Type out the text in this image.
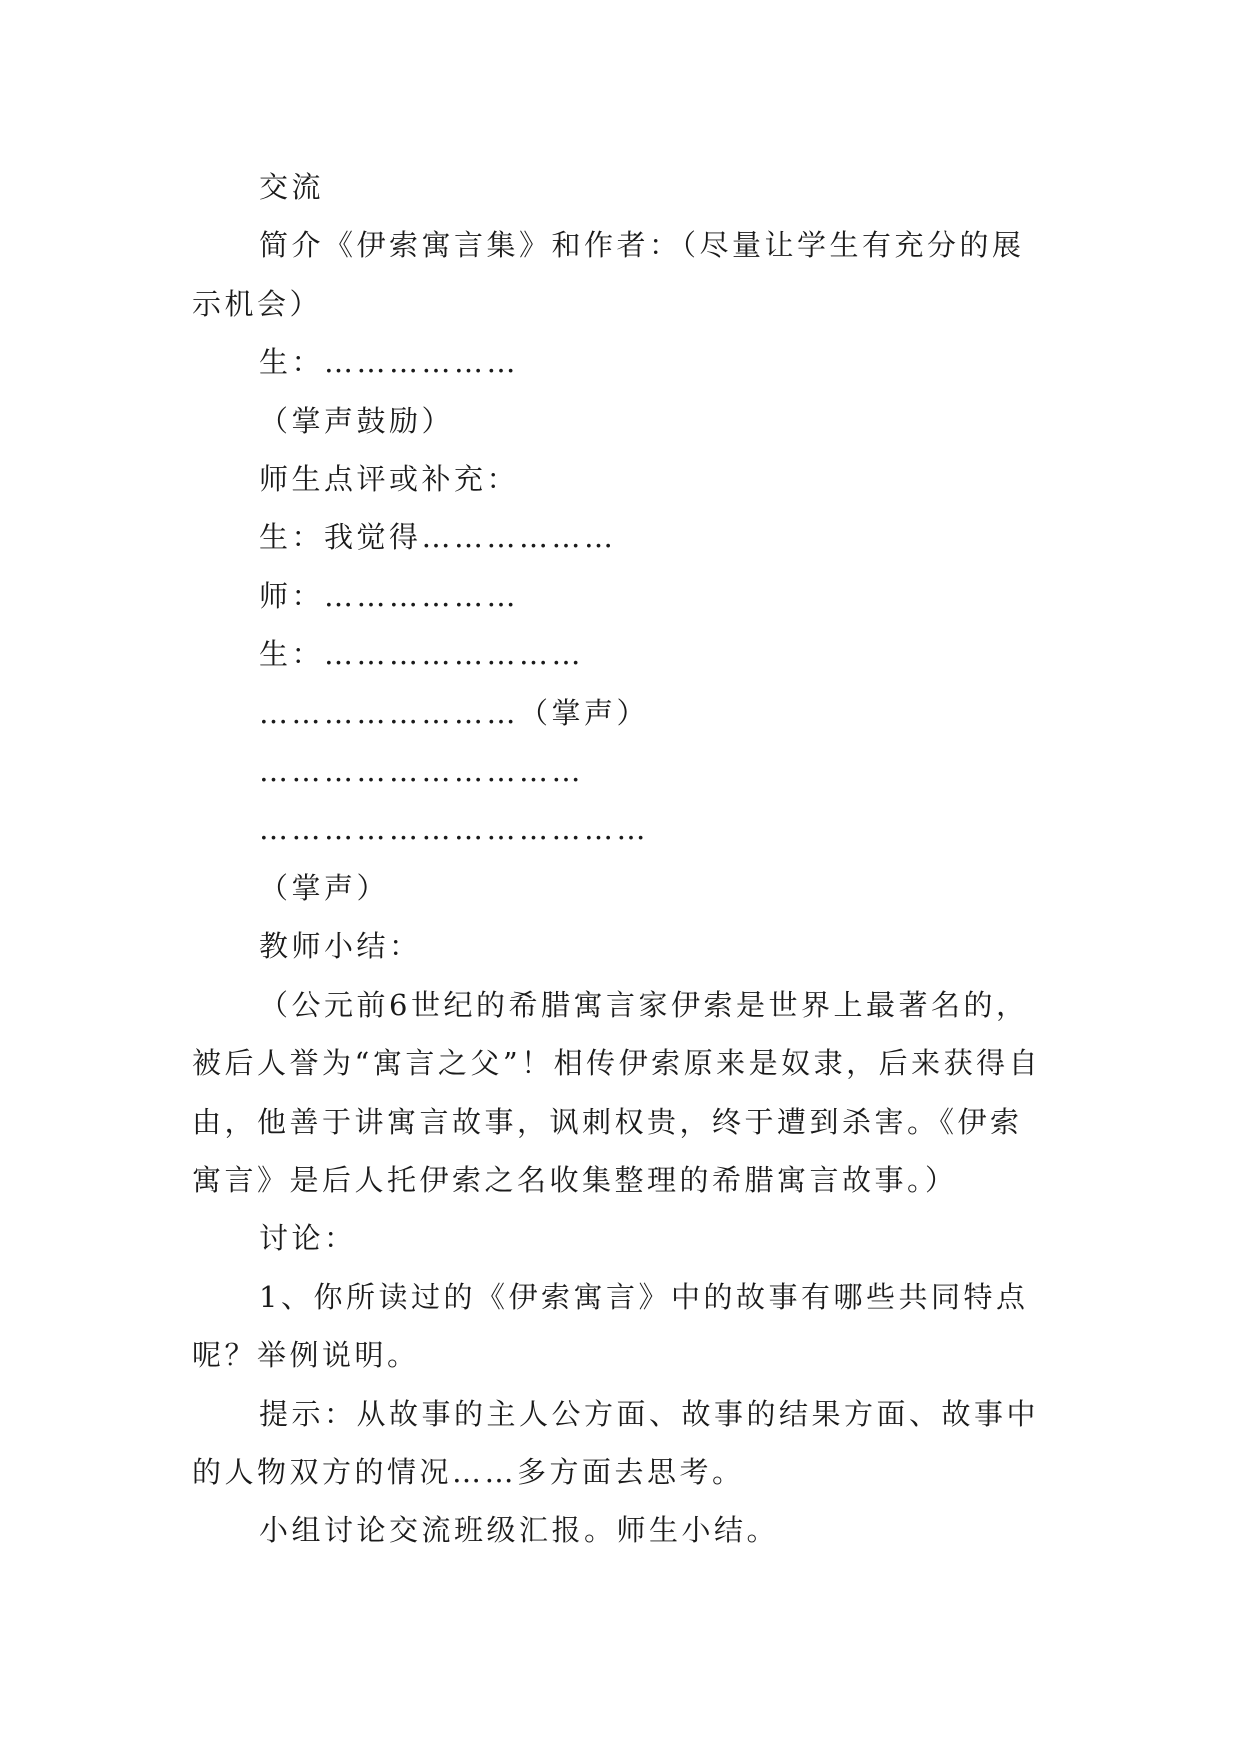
交流

简介《伊索寓言集》和作者：（尽量让学生有充分的展示机会）

生：………………

（掌声鼓励）

师生点评或补充：

生：我觉得………………

师：………………

生：……………………

……………………（掌声）

…………………………

………………………………

（掌声）

教师小结：

（公元前6世纪的希腊寓言家伊索是世界上最著名的，被后人誉为“寓言之父”！相传伊索原来是奴隶，后来获得自由，他善于讲寓言故事，讽刺权贵，终于遭到杀害。《伊索寓言》是后人托伊索之名收集整理的希腊寓言故事。）

讨论：

1、你所读过的《伊索寓言》中的故事有哪些共同特点呢？举例说明。

提示：从故事的主人公方面、故事的结果方面、故事中的人物双方的情况……多方面去思考。

小组讨论交流班级汇报。师生小结。
